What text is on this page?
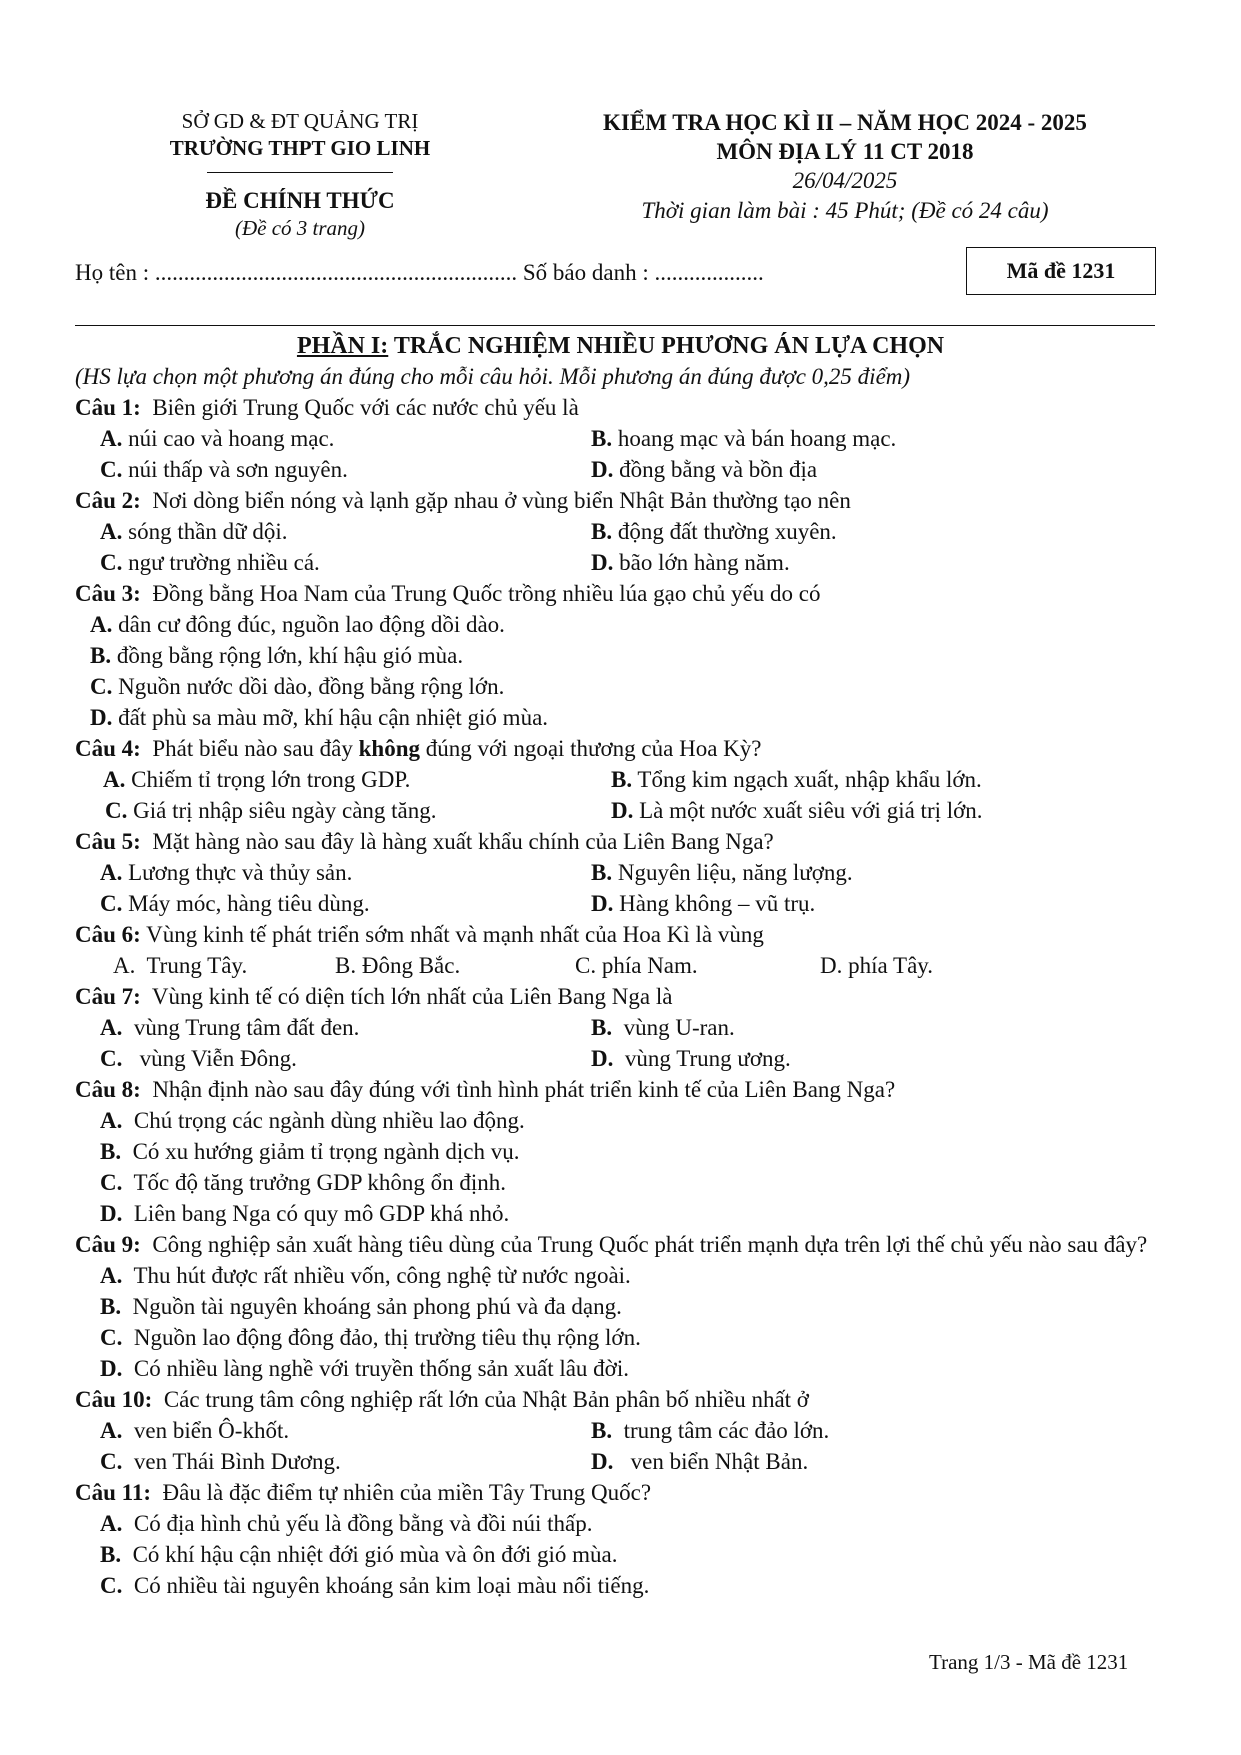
SỞ GD & ĐT QUẢNG TRỊ
TRƯỜNG THPT GIO LINH
ĐỀ CHÍNH THỨC
(Đề có 3 trang)
KIỂM TRA HỌC KÌ II – NĂM HỌC 2024 - 2025
MÔN ĐỊA LÝ 11 CT 2018
26/04/2025
Thời gian làm bài : 45 Phút; (Đề có 24 câu)
Họ tên : ............................................................... Số báo danh : ...................	Mã đề 1231
PHẦN I: TRẮC NGHIỆM NHIỀU PHƯƠNG ÁN LỰA CHỌN
(HS lựa chọn một phương án đúng cho mỗi câu hỏi. Mỗi phương án đúng được 0,25 điểm)
Câu 1:  Biên giới Trung Quốc với các nước chủ yếu là
A. núi cao và hoang mạc.	B. hoang mạc và bán hoang mạc.
C. núi thấp và sơn nguyên.	D. đồng bằng và bồn địa
Câu 2:  Nơi dòng biển nóng và lạnh gặp nhau ở vùng biển Nhật Bản thường tạo nên
A. sóng thần dữ dội.	B. động đất thường xuyên.
C. ngư trường nhiều cá.	D. bão lớn hàng năm.
Câu 3:  Đồng bằng Hoa Nam của Trung Quốc trồng nhiều lúa gạo chủ yếu do có
A. dân cư đông đúc, nguồn lao động dồi dào.
B. đồng bằng rộng lớn, khí hậu gió mùa.
C. Nguồn nước dồi dào, đồng bằng rộng lớn.
D. đất phù sa màu mỡ, khí hậu cận nhiệt gió mùa.
Câu 4:  Phát biểu nào sau đây không đúng với ngoại thương của Hoa Kỳ?
A. Chiếm tỉ trọng lớn trong GDP.	B. Tổng kim ngạch xuất, nhập khẩu lớn.
C. Giá trị nhập siêu ngày càng tăng.	D. Là một nước xuất siêu với giá trị lớn.
Câu 5:  Mặt hàng nào sau đây là hàng xuất khẩu chính của Liên Bang Nga?
A. Lương thực và thủy sản.	B. Nguyên liệu, năng lượng.
C. Máy móc, hàng tiêu dùng.	D. Hàng không – vũ trụ.
Câu 6: Vùng kinh tế phát triển sớm nhất và mạnh nhất của Hoa Kì là vùng
A.  Trung Tây.	B. Đông Bắc.	C. phía Nam.	D. phía Tây.
Câu 7:  Vùng kinh tế có diện tích lớn nhất của Liên Bang Nga là
A.  vùng Trung tâm đất đen.	B.  vùng U-ran.
C.   vùng Viễn Đông.	D.  vùng Trung ương.
Câu 8:  Nhận định nào sau đây đúng với tình hình phát triển kinh tế của Liên Bang Nga?
A.  Chú trọng các ngành dùng nhiều lao động.
B.  Có xu hướng giảm tỉ trọng ngành dịch vụ.
C.  Tốc độ tăng trưởng GDP không ổn định.
D.  Liên bang Nga có quy mô GDP khá nhỏ.
Câu 9:  Công nghiệp sản xuất hàng tiêu dùng của Trung Quốc phát triển mạnh dựa trên lợi thế chủ yếu nào sau đây?
A.  Thu hút được rất nhiều vốn, công nghệ từ nước ngoài.
B.  Nguồn tài nguyên khoáng sản phong phú và đa dạng.
C.  Nguồn lao động đông đảo, thị trường tiêu thụ rộng lớn.
D.  Có nhiều làng nghề với truyền thống sản xuất lâu đời.
Câu 10:  Các trung tâm công nghiệp rất lớn của Nhật Bản phân bố nhiều nhất ở
A.  ven biển Ô-khốt.	B.  trung tâm các đảo lớn.
C.  ven Thái Bình Dương.	D.   ven biển Nhật Bản.
Câu 11:  Đâu là đặc điểm tự nhiên của miền Tây Trung Quốc?
A.  Có địa hình chủ yếu là đồng bằng và đồi núi thấp.
B.  Có khí hậu cận nhiệt đới gió mùa và ôn đới gió mùa.
C.  Có nhiều tài nguyên khoáng sản kim loại màu nổi tiếng.
Trang 1/3 - Mã đề 1231
